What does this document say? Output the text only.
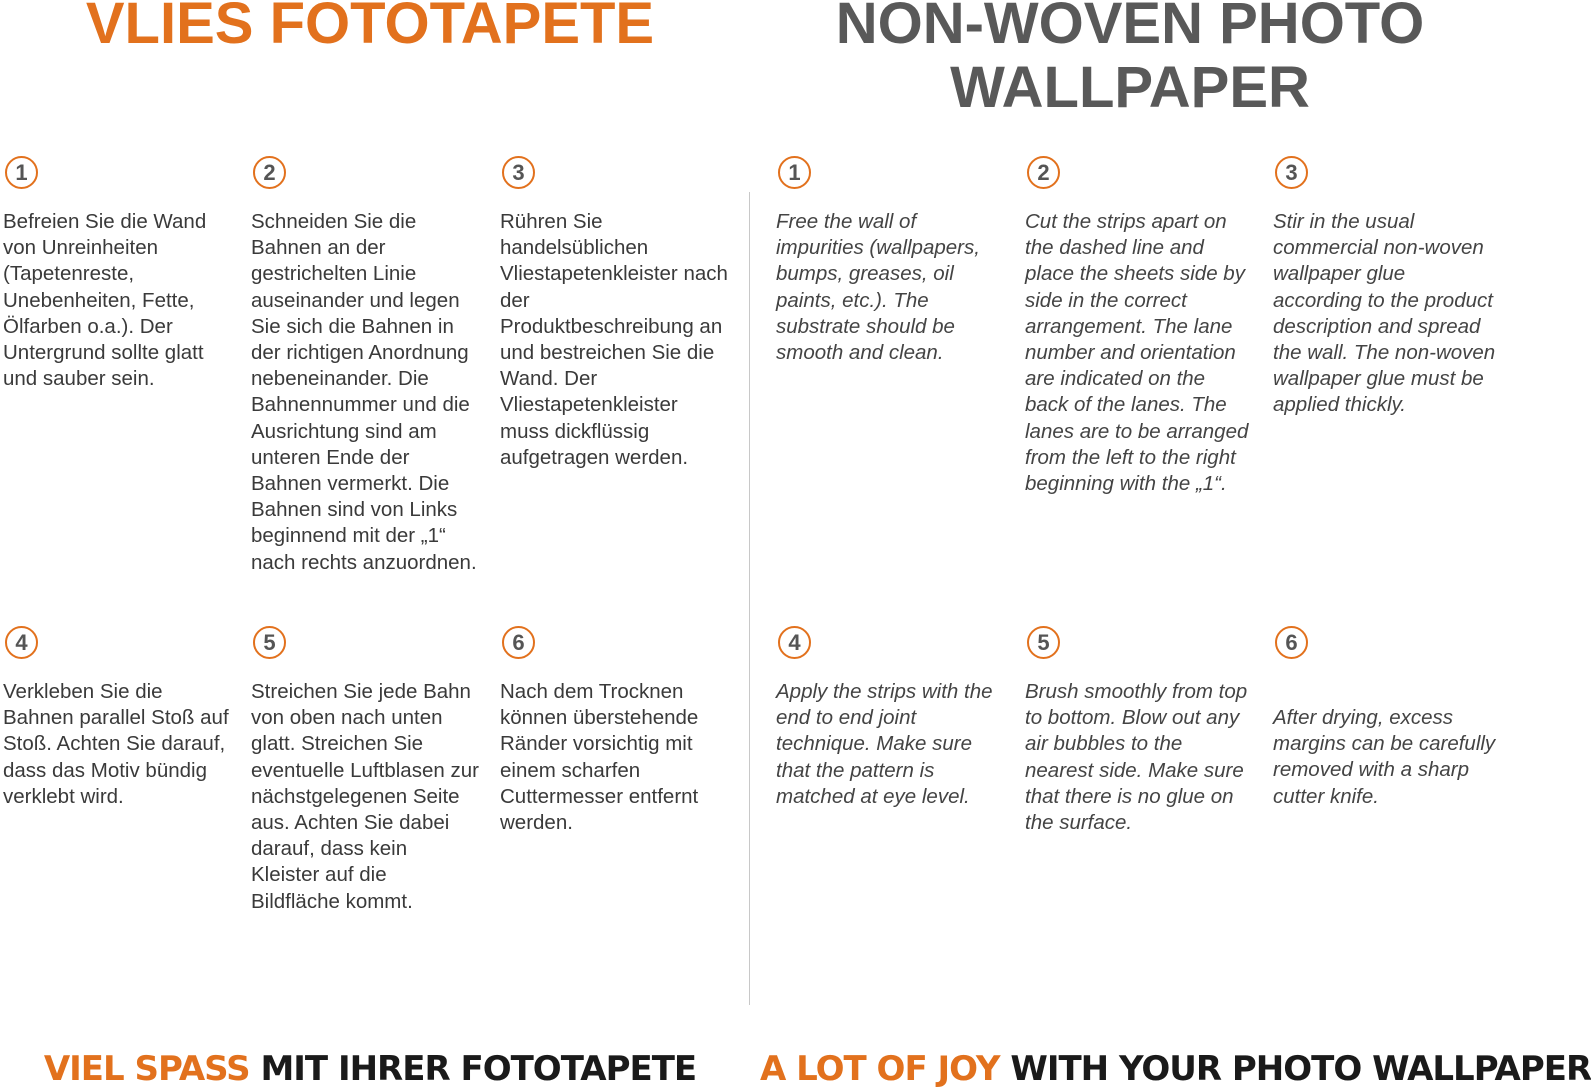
VLIES FOTOTAPETE	NON-WOVEN PHOTO
WALLPAPER
1

Befreien Sie die Wand von Unreinheiten (Tapetenreste, Unebenheiten, Fette, Ölfarben o.a.). Der Untergrund sollte glatt und sauber sein.

2

Schneiden Sie die Bahnen an der gestrichelten Linie auseinander und legen Sie sich die Bahnen in der richtigen Anordnung nebeneinander. Die Bahnennummer und die Ausrichtung sind am unteren Ende der Bahnen vermerkt. Die Bahnen sind von Links beginnend mit der „1“ nach rechts anzuordnen.

3

Rühren Sie handelsüblichen Vliestapetenkleister nach der Produktbeschreibung an und bestreichen Sie die Wand. Der Vliestapetenkleister muss dickflüssig aufgetragen werden.

4

Verkleben Sie die Bahnen parallel Stoß auf Stoß. Achten Sie darauf, dass das Motiv bündig verklebt wird.

5

Streichen Sie jede Bahn von oben nach unten glatt. Streichen Sie eventuelle Luftblasen zur nächstgelegenen Seite aus. Achten Sie dabei darauf, dass kein Kleister auf die Bildfläche kommt.

6

Nach dem Trocknen können überstehende Ränder vorsichtig mit einem scharfen Cuttermesser entfernt werden.

1

Free the wall of impurities (wallpapers, bumps, greases, oil paints, etc.). The substrate should be smooth and clean.

2

Cut the strips apart on the dashed line and place the sheets side by side in the correct arrangement. The lane number and orientation are indicated on the back of the lanes. The lanes are to be arranged from the left to the right beginning with the „1“.

3

Stir in the usual commercial non-woven wallpaper glue according to the product description and spread the wall. The non-woven wallpaper glue must be applied thickly.

4

Apply the strips with the end to end joint technique. Make sure that the pattern is matched at eye level.

5

Brush smoothly from top to bottom. Blow out any air bubbles to the nearest side. Make sure that there is no glue on the surface.

6

After drying, excess margins can be carefully removed with a sharp cutter knife.

VIEL SPASS MIT IHRER FOTOTAPETE	A LOT OF JOY WITH YOUR PHOTO WALLPAPER
